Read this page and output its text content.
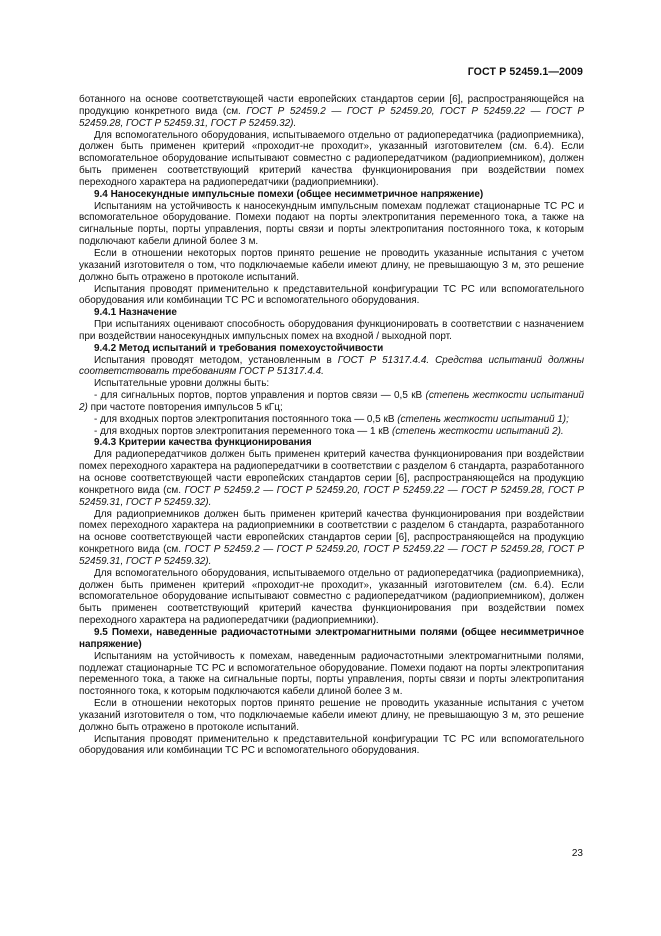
ГОСТ Р 52459.1—2009

ботанного на основе соответствующей части европейских стандартов серии [6], распространяющейся на продукцию конкретного вида (см. ГОСТ Р 52459.2 — ГОСТ Р 52459.20, ГОСТ Р 52459.22 — ГОСТ Р 52459.28, ГОСТ Р 52459.31, ГОСТ Р 52459.32).

Для вспомогательного оборудования, испытываемого отдельно от радиопередатчика (радиоприемника), должен быть применен критерий «проходит-не проходит», указанный изготовителем (см. 6.4). Если вспомогательное оборудование испытывают совместно с радиопередатчиком (радиоприемником), должен быть применен соответствующий критерий качества функционирования при воздействии помех переходного характера на радиопередатчики (радиоприемники).

9.4 Наносекундные импульсные помехи (общее несимметричное напряжение)

Испытаниям на устойчивость к наносекундным импульсным помехам подлежат стационарные ТС РС и вспомогательное оборудование. Помехи подают на порты электропитания переменного тока, а также на сигнальные порты, порты управления, порты связи и порты электропитания постоянного тока, к которым подключают кабели длиной более 3 м.

Если в отношении некоторых портов принято решение не проводить указанные испытания с учетом указаний изготовителя о том, что подключаемые кабели имеют длину, не превышающую 3 м, это решение должно быть отражено в протоколе испытаний.

Испытания проводят применительно к представительной конфигурации ТС РС или вспомогательного оборудования или комбинации ТС РС и вспомогательного оборудования.

9.4.1 Назначение

При испытаниях оценивают способность оборудования функционировать в соответствии с назначением при воздействии наносекундных импульсных помех на входной / выходной порт.

9.4.2 Метод испытаний и требования помехоустойчивости

Испытания проводят методом, установленным в ГОСТ Р 51317.4.4. Средства испытаний должны соответствовать требованиям ГОСТ Р 51317.4.4.

Испытательные уровни должны быть:

- для сигнальных портов, портов управления и портов связи — 0,5 кВ (степень жесткости испытаний 2) при частоте повторения импульсов 5 кГц;

- для входных портов электропитания постоянного тока — 0,5 кВ (степень жесткости испытаний 1);

- для входных портов электропитания переменного тока — 1 кВ (степень жесткости испытаний 2).

9.4.3 Критерии качества функционирования

Для радиопередатчиков должен быть применен критерий качества функционирования при воздействии помех переходного характера на радиопередатчики в соответствии с разделом 6 стандарта, разработанного на основе соответствующей части европейских стандартов серии [6], распространяющейся на продукцию конкретного вида (см. ГОСТ Р 52459.2 — ГОСТ Р 52459.20, ГОСТ Р 52459.22 — ГОСТ Р 52459.28, ГОСТ Р 52459.31, ГОСТ Р 52459.32).

Для радиоприемников должен быть применен критерий качества функционирования при воздействии помех переходного характера на радиоприемники в соответствии с разделом 6 стандарта, разработанного на основе соответствующей части европейских стандартов серии [6], распространяющейся на продукцию конкретного вида (см. ГОСТ Р 52459.2 — ГОСТ Р 52459.20, ГОСТ Р 52459.22 — ГОСТ Р 52459.28, ГОСТ Р 52459.31, ГОСТ Р 52459.32).

Для вспомогательного оборудования, испытываемого отдельно от радиопередатчика (радиоприемника), должен быть применен критерий «проходит-не проходит», указанный изготовителем (см. 6.4). Если вспомогательное оборудование испытывают совместно с радиопередатчиком (радиоприемником), должен быть применен соответствующий критерий качества функционирования при воздействии помех переходного характера на радиопередатчики (радиоприемники).

9.5 Помехи, наведенные радиочастотными электромагнитными полями (общее несимметричное напряжение)

Испытаниям на устойчивость к помехам, наведенным радиочастотными электромагнитными полями, подлежат стационарные ТС РС и вспомогательное оборудование. Помехи подают на порты электропитания переменного тока, а также на сигнальные порты, порты управления, порты связи и порты электропитания постоянного тока, к которым подключаются кабели длиной более 3 м.

Если в отношении некоторых портов принято решение не проводить указанные испытания с учетом указаний изготовителя о том, что подключаемые кабели имеют длину, не превышающую 3 м, это решение должно быть отражено в протоколе испытаний.

Испытания проводят применительно к представительной конфигурации ТС РС или вспомогательного оборудования или комбинации ТС РС и вспомогательного оборудования.

23
